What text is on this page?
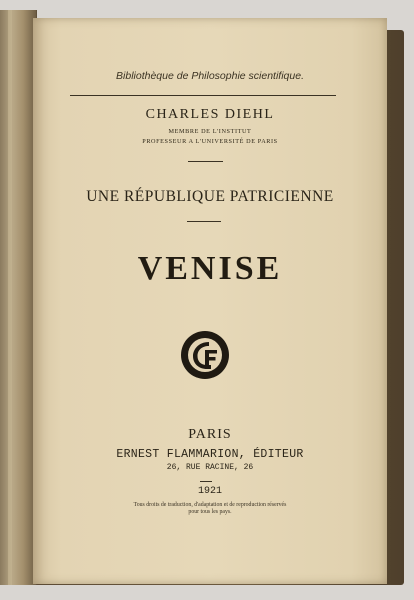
Bibliothèque de Philosophie scientifique.
CHARLES DIEHL
MEMBRE DE L'INSTITUT
PROFESSEUR A L'UNIVERSITÉ DE PARIS
UNE RÉPUBLIQUE PATRICIENNE
VENISE
PARIS
ERNEST FLAMMARION, ÉDITEUR
26, RUE RACINE, 26
1921
Tous droits de traduction, d'adaptation et de reproduction réservés
pour tous les pays.
